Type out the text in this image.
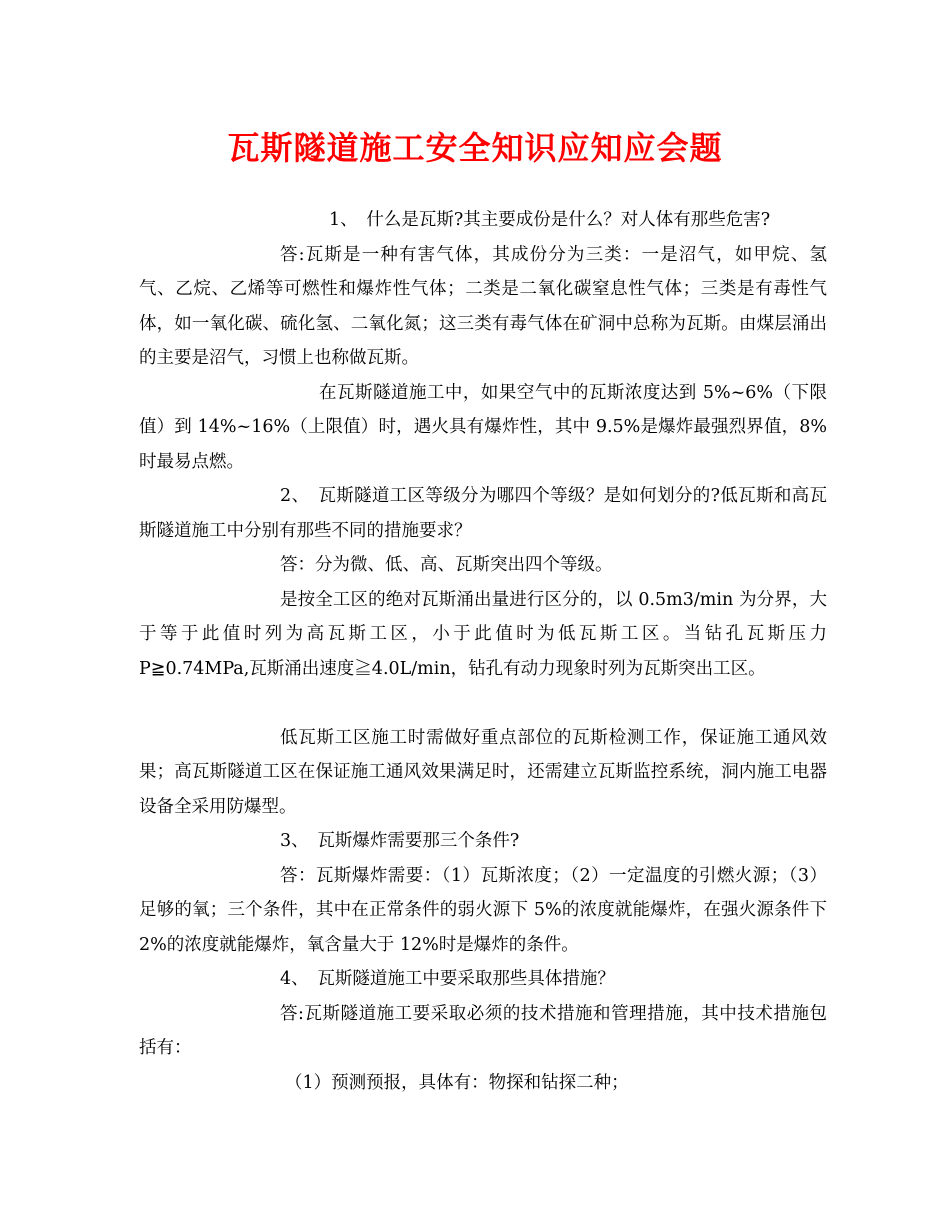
瓦斯隧道施工安全知识应知应会题

1、　什么是瓦斯?其主要成份是什么？对人体有那些危害?

答:瓦斯是一种有害气体，其成份分为三类：一是沼气，如甲烷、氢气、乙烷、乙烯等可燃性和爆炸性气体；二类是二氧化碳窒息性气体；三类是有毒性气体，如一氧化碳、硫化氢、二氧化氮；这三类有毒气体在矿洞中总称为瓦斯。由煤层涌出的主要是沼气，习惯上也称做瓦斯。

在瓦斯隧道施工中，如果空气中的瓦斯浓度达到 5%~6%（下限值）到 14%~16%（上限值）时，遇火具有爆炸性，其中 9.5%是爆炸最强烈界值，8%时最易点燃。

2、　瓦斯隧道工区等级分为哪四个等级？是如何划分的?低瓦斯和高瓦斯隧道施工中分别有那些不同的措施要求？

答：分为微、低、高、瓦斯突出四个等级。

是按全工区的绝对瓦斯涌出量进行区分的，以 0.5m3/min 为分界，大于等于此值时列为高瓦斯工区，小于此值时为低瓦斯工区。当钻孔瓦斯压力 P≧0.74MPa,瓦斯涌出速度≧4.0L/min，钻孔有动力现象时列为瓦斯突出工区。

低瓦斯工区施工时需做好重点部位的瓦斯检测工作，保证施工通风效果；高瓦斯隧道工区在保证施工通风效果满足时，还需建立瓦斯监控系统，洞内施工电器设备全采用防爆型。

3、　瓦斯爆炸需要那三个条件?

答：瓦斯爆炸需要：（1）瓦斯浓度；（2）一定温度的引燃火源；（3）足够的氧；三个条件，其中在正常条件的弱火源下 5%的浓度就能爆炸，在强火源条件下 2%的浓度就能爆炸，氧含量大于 12%时是爆炸的条件。

4、　瓦斯隧道施工中要采取那些具体措施？

答:瓦斯隧道施工要采取必须的技术措施和管理措施，其中技术措施包括有：

（1）预测预报，具体有：物探和钻探二种；
